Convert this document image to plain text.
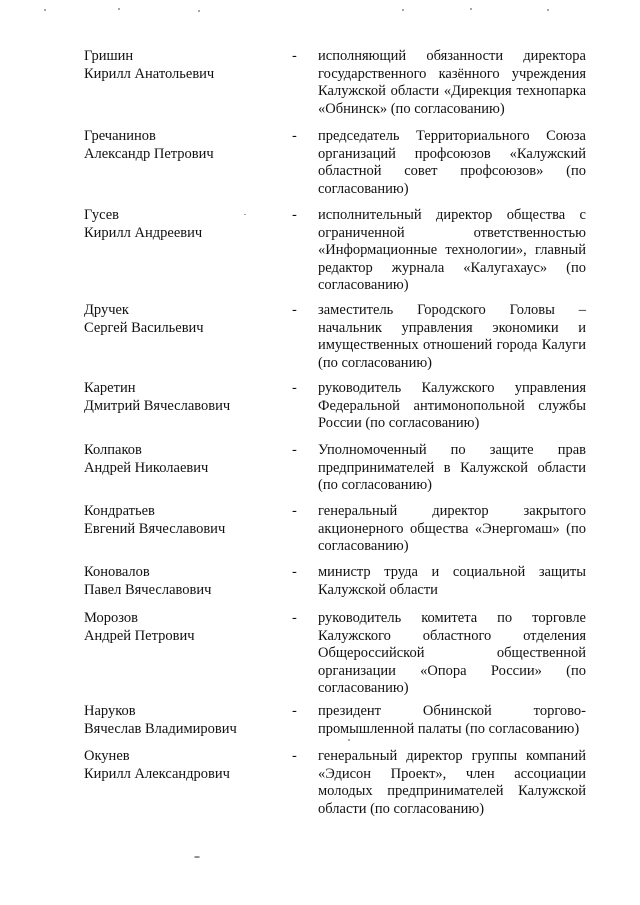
Гришин
Кирилл Анатольевич
- исполняющий обязанности директора государственного казённого учреждения Калужской области «Дирекция технопарка «Обнинск» (по согласованию)
Гречанинов
Александр Петрович
- председатель Территориального Союза организаций профсоюзов «Калужский областной совет профсоюзов» (по согласованию)
Гусев
Кирилл Андреевич
- исполнительный директор общества с ограниченной ответственностью «Информационные технологии», главный редактор журнала «Калугахаус» (по согласованию)
Дручек
Сергей Васильевич
- заместитель Городского Головы – начальник управления экономики и имущественных отношений города Калуги (по согласованию)
Каретин
Дмитрий Вячеславович
- руководитель Калужского управления Федеральной антимонопольной службы России (по согласованию)
Колпаков
Андрей Николаевич
- Уполномоченный по защите прав предпринимателей в Калужской области (по согласованию)
Кондратьев
Евгений Вячеславович
- генеральный директор закрытого акционерного общества «Энергомаш» (по согласованию)
Коновалов
Павел Вячеславович
- министр труда и социальной защиты Калужской области
Морозов
Андрей Петрович
- руководитель комитета по торговле Калужского областного отделения Общероссийской общественной организации «Опора России» (по согласованию)
Наруков
Вячеслав Владимирович
- президент Обнинской торгово-промышленной палаты (по согласованию)
Окунев
Кирилл Александрович
- генеральный директор группы компаний «Эдисон Проект», член ассоциации молодых предпринимателей Калужской области (по согласованию)
